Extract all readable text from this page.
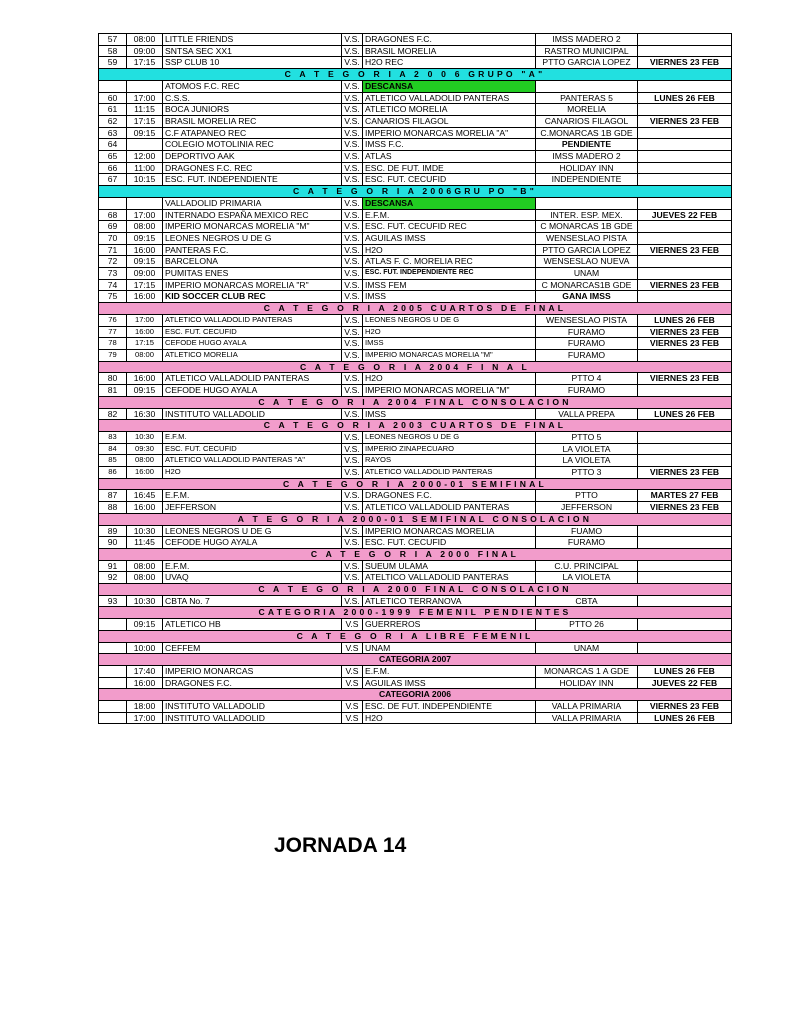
57	08:00	LITTLE FRIENDS	V.S.	DRAGONES F.C.	IMSS MADERO 2	
58	09:00	SNTSA SEC XX1	V.S.	BRASIL MORELIA	RASTRO MUNICIPAL	
59	17:15	SSP CLUB 10	V.S.	H2O REC	PTTO GARCIA LOPEZ	VIERNES 23 FEB
C A T E G O R I A 2 0 0 6 GRUPO "A"						
		ATOMOS F.C. REC	V.S.	DESCANSA		
60	17:00	C.S.S.	V.S.	ATLETICO VALLADOLID PANTERAS	PANTERAS 5	LUNES 26 FEB
61	11:15	BOCA JUNIORS	V.S.	ATLETICO MORELIA	MORELIA	
62	17:15	BRASIL MORELIA REC	V.S.	CANARIOS FILAGOL	CANARIOS FILAGOL	VIERNES 23 FEB
63	09:15	C.F ATAPANEO REC	V.S.	IMPERIO MONARCAS MORELIA "A"	C.MONARCAS 1B GDE	
64		COLEGIO MOTOLINIA REC	V.S.	IMSS F.C.	PENDIENTE	
65	12:00	DEPORTIVO AAK	V.S.	ATLAS	IMSS MADERO 2	
66	11:00	DRAGONES F.C. REC	V.S.	ESC. DE FUT. IMDE	HOLIDAY INN	
67	10:15	ESC. FUT. INDEPENDIENTE	V.S.	ESC. FUT. CECUFID	INDEPENDIENTE	
C A T E G O R I A 2006GRU PO "B"						
		VALLADOLID PRIMARIA	V.S.	DESCANSA		
68	17:00	INTERNADO ESPAÑA MEXICO REC	V.S.	E.F.M.	INTER. ESP. MEX.	JUEVES 22 FEB
69	08:00	IMPERIO MONARCAS MORELIA "M"	V.S.	ESC. FUT. CECUFID REC	C MONARCAS 1B GDE	
70	09:15	LEONES NEGROS U DE G	V.S.	AGUILAS IMSS	WENSESLAO PISTA	
71	16:00	PANTERAS F.C.	V.S.	H2O	PTTO GARCIA LOPEZ	VIERNES 23 FEB
72	09:15	BARCELONA	V.S.	ATLAS F. C. MORELIA REC	WENSESLAO NUEVA	
73	09:00	PUMITAS ENES	V.S.	ESC. FUT. INDEPENDIENTE REC	UNAM	
74	17:15	IMPERIO MONARCAS MORELIA "R"	V.S.	IMSS FEM	C MONARCAS1B GDE	VIERNES 23 FEB
75	16:00	KID SOCCER CLUB REC	V.S.	IMSS	GANA IMSS	
C A T E G O R I A 2005 CUARTOS DE FINAL						
76	17:00	ATLETICO VALLADOLID PANTERAS	V.S.	LEONES NEGROS U DE G	WENSESLAO PISTA	LUNES 26 FEB
77	16:00	ESC. FUT. CECUFID	V.S.	H2O	FURAMO	VIERNES 23 FEB
78	17:15	CEFODE HUGO AYALA	V.S.	IMSS	FURAMO	VIERNES 23 FEB
79	08:00	ATLETICO MORELIA	V.S.	IMPERIO MONARCAS MORELIA "M"	FURAMO	
C A T E G O R I A 2004 F I N A L						
80	16:00	ATLETICO VALLADOLID PANTERAS	V.S.	H2O	PTTO 4	VIERNES 23 FEB
81	09:15	CEFODE HUGO AYALA	V.S.	IMPERIO MONARCAS MORELIA "M"	FURAMO	
C A T E G O R I A 2004 FINAL CONSOLACION						
82	16:30	INSTITUTO VALLADOLID	V.S.	IMSS	VALLA PREPA	LUNES 26 FEB
C A T E G O R I A 2003 CUARTOS DE FINAL						
83	10:30	E.F.M.	V.S.	LEONES NEGROS U DE G	PTTO 5	
84	09:30	ESC. FUT. CECUFID	V.S.	IMPERIO ZINAPECUARO	LA VIOLETA	
85	08:00	ATLETICO VALLADOLID PANTERAS "A"	V.S.	RAYOS	LA VIOLETA	
86	16:00	H2O	V.S.	ATLETICO VALLADOLID PANTERAS	PTTO 3	VIERNES 23 FEB
C A T E G O R I A 2000-01 SEMIFINAL						
87	16:45	E.F.M.	V.S.	DRAGONES F.C.	PTTO	MARTES 27 FEB
88	16:00	JEFFERSON	V.S.	ATLETICO VALLADOLID PANTERAS	JEFFERSON	VIERNES 23 FEB
A T E G O R I A 2000-01 SEMIFINAL CONSOLACION						
89	10:30	LEONES NEGROS U DE G	V.S.	IMPERIO MONARCAS MORELIA	FUAMO	
90	11:45	CEFODE HUGO AYALA	V.S.	ESC. FUT. CECUFID	FURAMO	
C A T E G O R I A 2000 FINAL						
91	08:00	E.F.M.	V.S.	SUEUM ULAMA	C.U. PRINCIPAL	
92	08:00	UVAQ	V.S.	ATELTICO VALLADOLID PANTERAS	LA VIOLETA	
C A T E G O R I A 2000 FINAL CONSOLACION						
93	10:30	CBTA No. 7	V.S.	ATLETICO TERRANOVA	CBTA	
CATEGORIA 2000-1999 FEMENIL PENDIENTES						
	09:15	ATLETICO HB	V.S	GUERREROS	PTTO 26	
C A T E G O R I A LIBRE FEMENIL						
	10:00	CEFFEM	V.S	UNAM	UNAM	
CATEGORIA 2007						
	17:40	IMPERIO MONARCAS	V.S	E.F.M.	MONARCAS 1 A GDE	LUNES 26 FEB
	16:00	DRAGONES F.C.	V.S	AGUILAS IMSS	HOLIDAY INN	JUEVES 22 FEB
CATEGORIA 2006						
	18:00	INSTITUTO VALLADOLID	V.S	ESC. DE FUT. INDEPENDIENTE	VALLA PRIMARIA	VIERNES 23 FEB
	17:00	INSTITUTO VALLADOLID	V.S	H2O	VALLA PRIMARIA	LUNES 26 FEB
JORNADA 14
